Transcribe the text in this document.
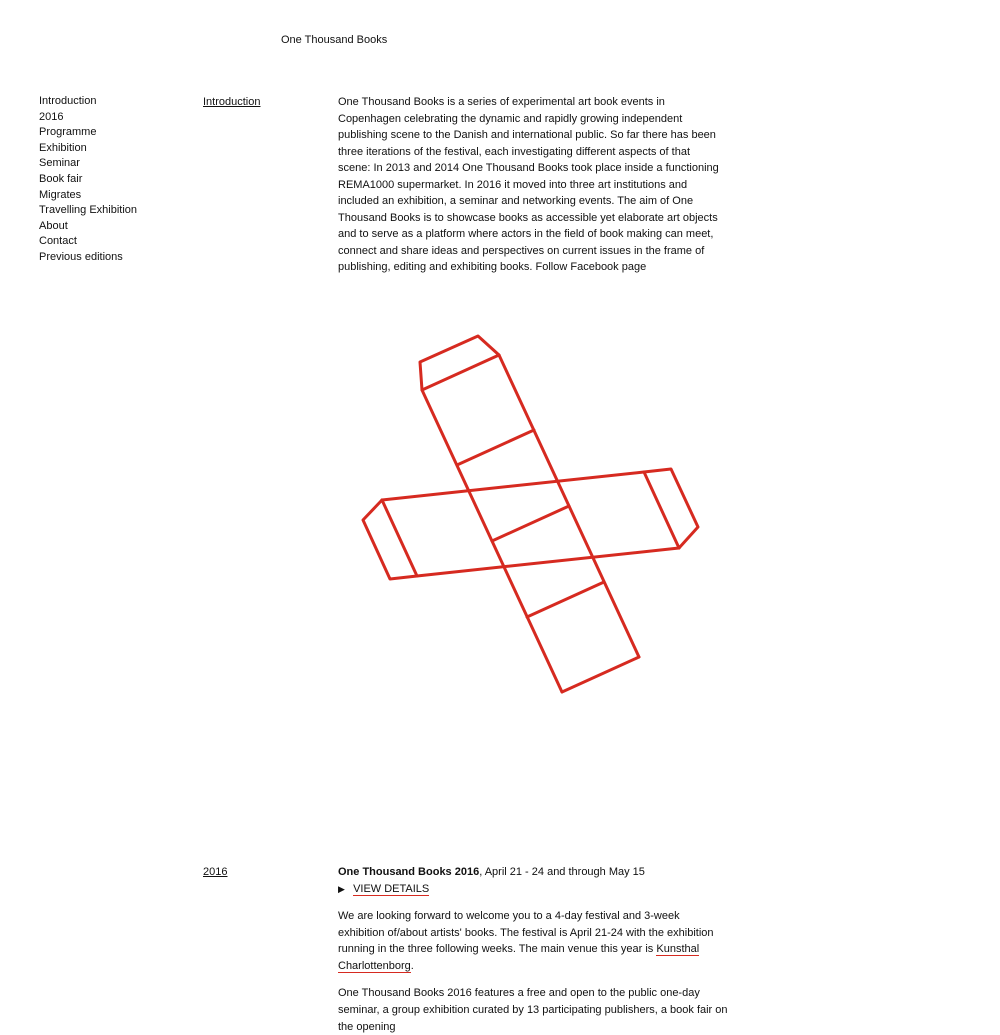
One Thousand Books
Introduction
2016
Programme
Exhibition
Seminar
Book fair
Migrates
Travelling Exhibition
About
Contact
Previous editions
Introduction	One Thousand Books is a series of experimental art book events in Copenhagen celebrating the dynamic and rapidly growing independent publishing scene to the Danish and international public. So far there has been three iterations of the festival, each investigating different aspects of that scene: In 2013 and 2014 One Thousand Books took place inside a functioning REMA1000 supermarket. In 2016 it moved into three art institutions and included an exhibition, a seminar and networking events. The aim of One Thousand Books is to showcase books as accessible yet elaborate art objects and to serve as a platform where actors in the field of book making can meet, connect and share ideas and perspectives on current issues in the frame of publishing, editing and exhibiting books. Follow Facebook page

2016	One Thousand Books 2016, April 21 - 24 and through May 15
▶ VIEW DETAILS

We are looking forward to welcome you to a 4-day festival and 3-week exhibition of/about artists' books. The festival is April 21-24 with the exhibition running in the three following weeks. The main venue this year is Kunsthal Charlottenborg.

One Thousand Books 2016 features a free and open to the public one-day seminar, a group exhibition curated by 13 participating publishers, a book fair on the opening
